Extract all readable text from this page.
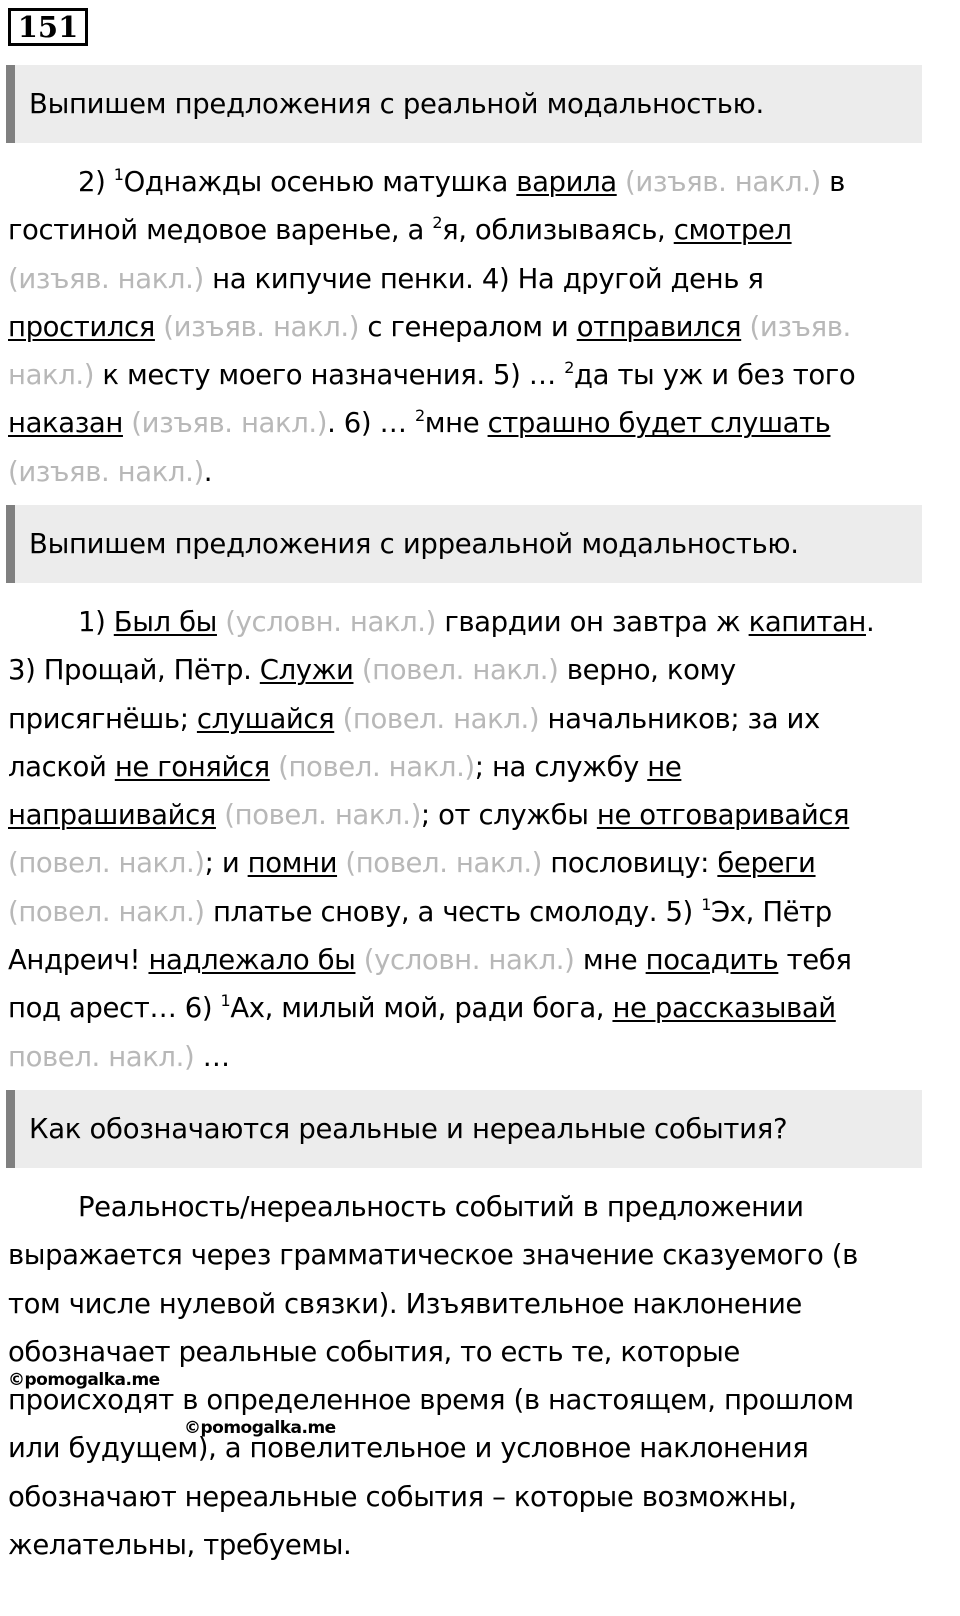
151
Выпишем предложения с реальной модальностью.
2) $^1$Однажды осенью матушка варила (изъяв. накл.) в
гостиной медовое варенье, а $^2$я, облизываясь, смотрел
(изъяв. накл.) на кипучие пенки. 4) На другой день я
простился (изъяв. накл.) с генералом и отправился (изъяв.
накл.) к месту моего назначения. 5) … $^2$да ты уж и без того
наказан (изъяв. накл.). 6) … $^2$мне страшно будет слушать
(изъяв. накл.).
Выпишем предложения с ирреальной модальностью.
1) Был бы (условн. накл.) гвардии он завтра ж капитан.
3) Прощай, Пётр. Служи (повел. накл.) верно, кому
присягнёшь; слушайся (повел. накл.) начальников; за их
лаской не гоняйся (повел. накл.); на службу не
напрашивайся (повел. накл.); от службы не отговаривайся
(повел. накл.); и помни (повел. накл.) пословицу: береги
(повел. накл.) платье снову, а честь смолоду. 5) $^1$Эх, Пётр
Андреич! надлежало бы (условн. накл.) мне посадить тебя
под арест… 6) $^1$Ах, милый мой, ради бога, не рассказывай
повел. накл.) …
Как обозначаются реальные и нереальные события?
Реальность/нереальность событий в предложении
выражается через грамматическое значение сказуемого (в
том числе нулевой связки). Изъявительное наклонение
обозначает реальные события, то есть те, которые
происходят в определенное время (в настоящем, прошлом
или будущем), а повелительное и условное наклонения
обозначают нереальные события – которые возможны,
желательны, требуемы.
©pomogalka.me
©pomogalka.me
